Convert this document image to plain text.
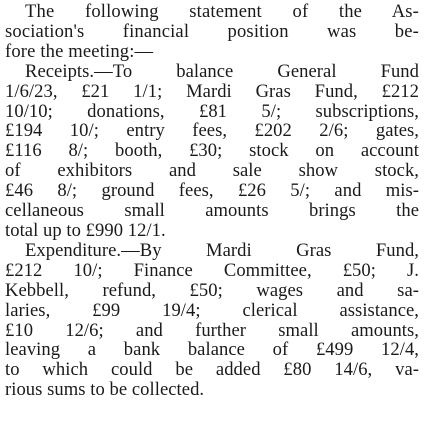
The following statement of the As-
sociation's financial position was be-
fore the meeting:—

Receipts.—To balance General Fund
1/6/23, £21 1/1; Mardi Gras Fund, £212
10/10; donations, £81 5/; subscriptions,
£194 10/; entry fees, £202 2/6; gates,
£116 8/; booth, £30; stock on account
of exhibitors and sale show stock,
£46 8/; ground fees, £26 5/; and mis-
cellaneous small amounts brings the
total up to £990 12/1.

Expenditure.—By Mardi Gras Fund,
£212 10/; Finance Committee, £50; J.
Kebbell, refund, £50; wages and sa-
laries, £99 19/4; clerical assistance,
£10 12/6; and further small amounts,
leaving a bank balance of £499 12/4,
to which could be added £80 14/6, va-
rious sums to be collected.
